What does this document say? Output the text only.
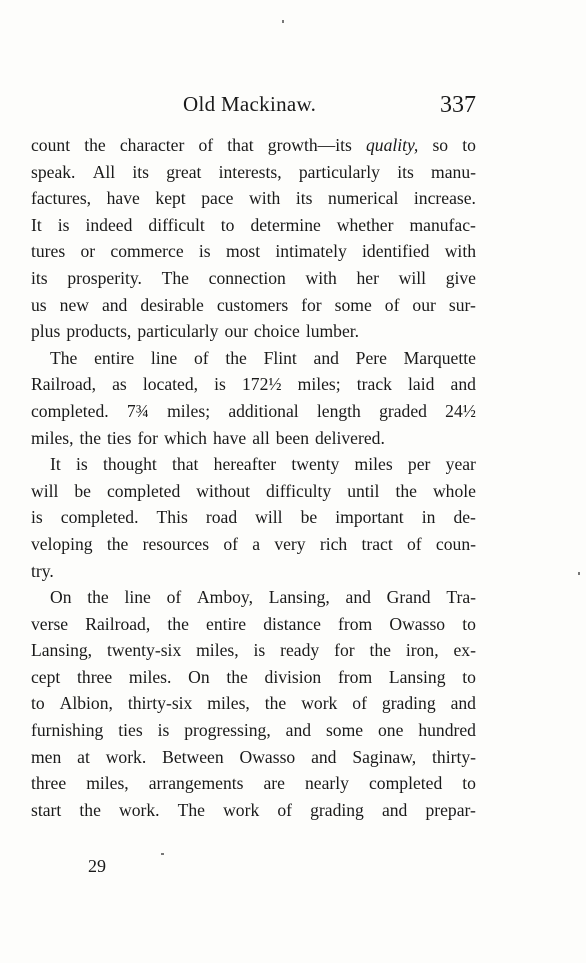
Old Mackinaw.	337
count the character of that growth—its quality, so to
speak. All its great interests, particularly its manu-
factures, have kept pace with its numerical increase.
It is indeed difficult to determine whether manufac-
tures or commerce is most intimately identified with
its prosperity. The connection with her will give
us new and desirable customers for some of our sur-
plus products, particularly our choice lumber.
The entire line of the Flint and Pere Marquette
Railroad, as located, is 172½ miles; track laid and
completed. 7¾ miles; additional length graded 24½
miles, the ties for which have all been delivered.
It is thought that hereafter twenty miles per year
will be completed without difficulty until the whole
is completed. This road will be important in de-
veloping the resources of a very rich tract of coun-
try.
On the line of Amboy, Lansing, and Grand Tra-
verse Railroad, the entire distance from Owasso to
Lansing, twenty-six miles, is ready for the iron, ex-
cept three miles. On the division from Lansing to
to Albion, thirty-six miles, the work of grading and
furnishing ties is progressing, and some one hundred
men at work. Between Owasso and Saginaw, thirty-
three miles, arrangements are nearly completed to
start the work. The work of grading and prepar-
29
